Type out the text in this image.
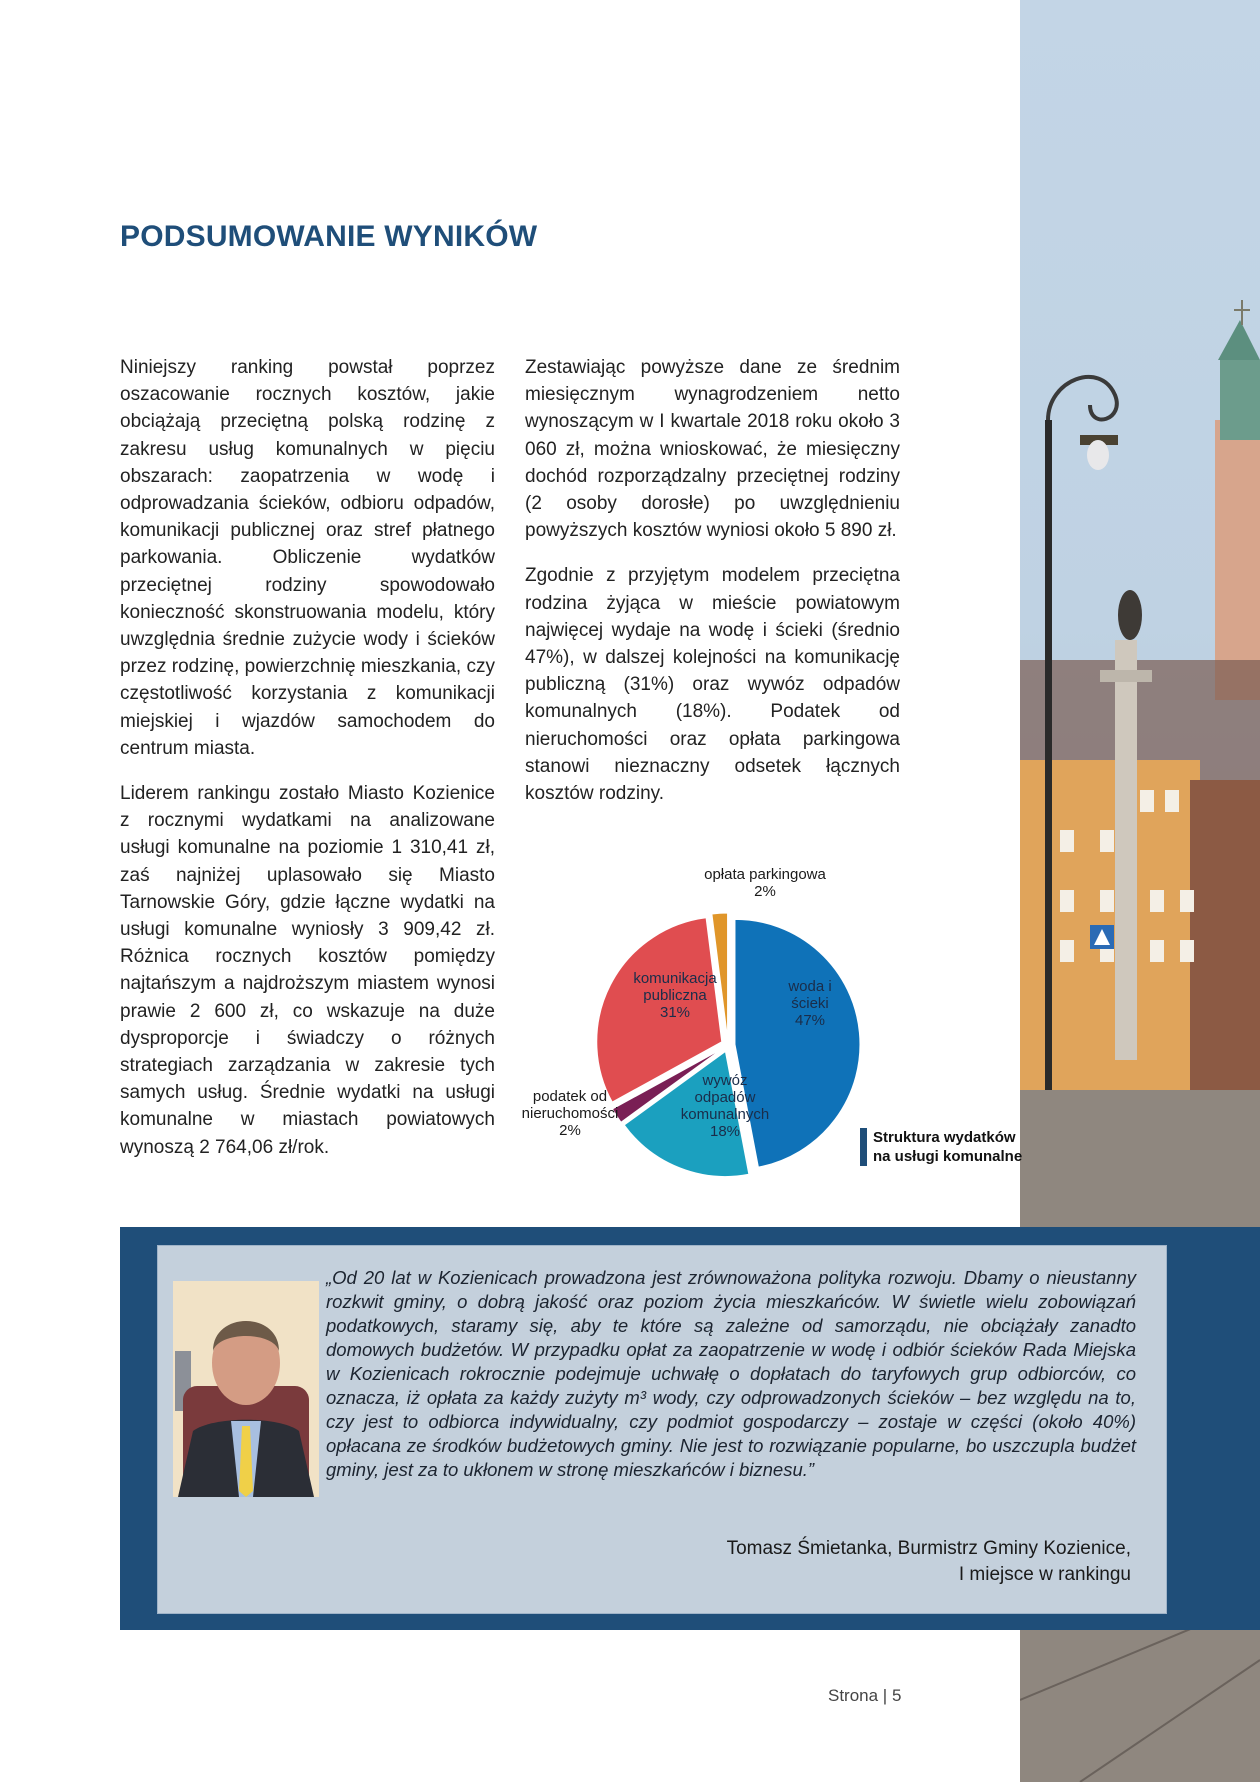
PODSUMOWANIE WYNIKÓW

Niniejszy ranking powstał poprzez oszacowanie rocznych kosztów, jakie obciążają przeciętną polską rodzinę z zakresu usług komunalnych w pięciu obszarach: zaopatrzenia w wodę i odprowadzania ścieków, odbioru odpadów, komunikacji publicznej oraz stref płatnego parkowania. Obliczenie wydatków przeciętnej rodziny spowodowało konieczność skonstruowania modelu, który uwzględnia średnie zużycie wody i ścieków przez rodzinę, powierzchnię mieszkania, czy częstotliwość korzystania z komunikacji miejskiej i wjazdów samochodem do centrum miasta.

Liderem rankingu zostało Miasto Kozienice z rocznymi wydatkami na analizowane usługi komunalne na poziomie 1 310,41 zł, zaś najniżej uplasowało się Miasto Tarnowskie Góry, gdzie łączne wydatki na usługi komunalne wyniosły 3 909,42 zł. Różnica rocznych kosztów pomiędzy najtańszym a najdroższym miastem wynosi prawie 2 600 zł, co wskazuje na duże dysproporcje i świadczy o różnych strategiach zarządzania w zakresie tych samych usług. Średnie wydatki na usługi komunalne w miastach powiatowych wynoszą 2 764,06 zł/rok.

Zestawiając powyższe dane ze średnim miesięcznym wynagrodzeniem netto wynoszącym w I kwartale 2018 roku około 3 060 zł, można wnioskować, że miesięczny dochód rozporządzalny przeciętnej rodziny (2 osoby dorosłe) po uwzględnieniu powyższych kosztów wyniosi około 5 890 zł.

Zgodnie z przyjętym modelem przeciętna rodzina żyjąca w mieście powiatowym najwięcej wydaje na wodę i ścieki (średnio 47%), w dalszej kolejności na komunikację publiczną (31%) oraz wywóz odpadów komunalnych (18%). Podatek od nieruchomości oraz opłata parkingowa stanowi nieznaczny odsetek łącznych kosztów rodziny.

opłata parkingowa
2%
komunikacja
publiczna
31%
woda i
ścieki
47%
wywóz
odpadów
komunalnych
18%
podatek od
nieruchomości
2%	Struktura wydatków na usługi komunalne
„Od 20 lat w Kozienicach prowadzona jest zrównoważona polityka rozwoju. Dbamy o nieustanny rozkwit gminy, o dobrą jakość oraz poziom życia mieszkańców. W świetle wielu zobowiązań podatkowych, staramy się, aby te które są zależne od samorządu, nie obciążały zanadto domowych budżetów. W przypadku opłat za zaopatrzenie w wodę i odbiór ścieków Rada Miejska w Kozienicach rokrocznie podejmuje uchwałę o dopłatach do taryfowych grup odbiorców, co oznacza, iż opłata za każdy zużyty m³ wody, czy odprowadzonych ścieków – bez względu na to, czy jest to odbiorca indywidualny, czy podmiot gospodarczy – zostaje w części (około 40%) opłacana ze środków budżetowych gminy. Nie jest to rozwiązanie popularne, bo uszczupla budżet gminy, jest za to ukłonem w stronę mieszkańców i biznesu.”
Tomasz Śmietanka, Burmistrz Gminy Kozienice,
I miejsce w rankingu
Strona | 5
